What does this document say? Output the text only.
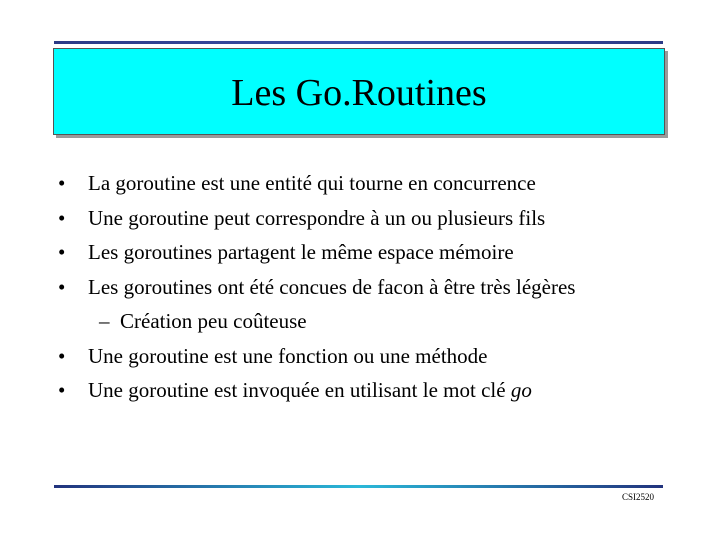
Les Go.Routines
• La goroutine est une entité qui tourne en concurrence
• Une goroutine peut correspondre à un ou plusieurs fils
• Les goroutines partagent le même espace mémoire
• Les goroutines ont été concues de facon à être très légères
– Création peu coûteuse
• Une goroutine est une fonction ou une méthode
• Une goroutine est invoquée en utilisant le mot clé go
CSI2520
